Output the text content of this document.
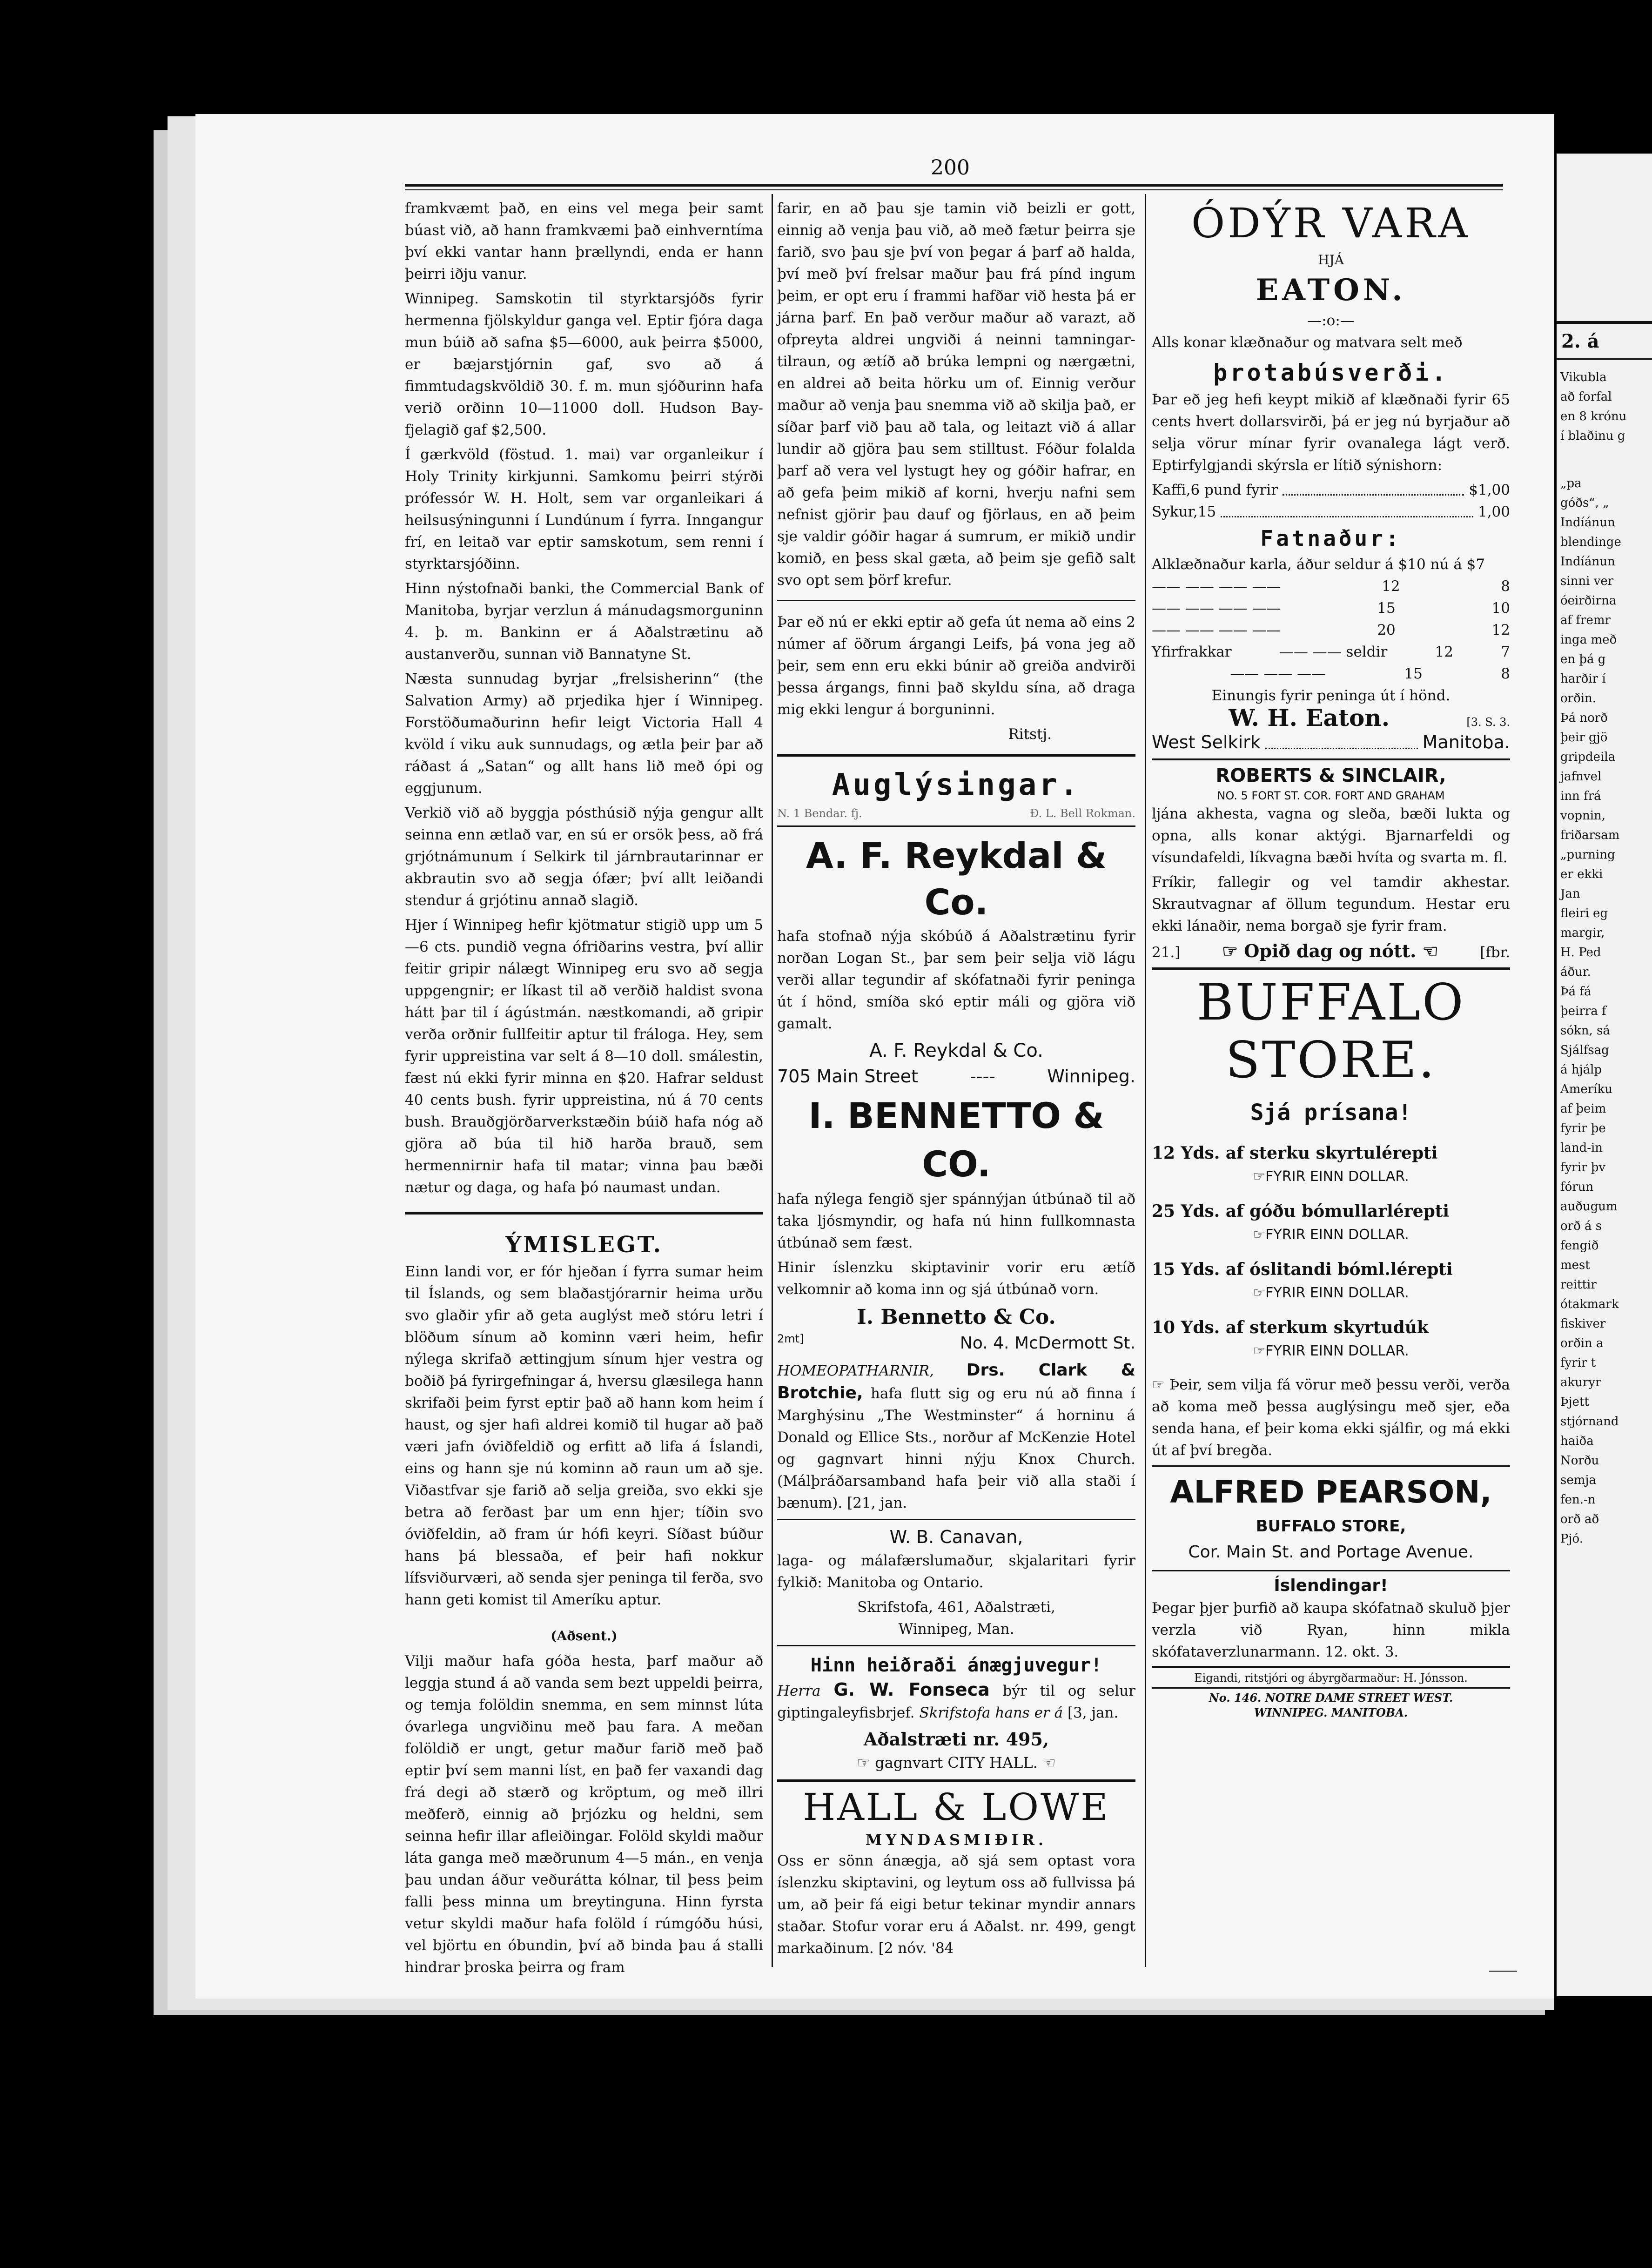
200

framkvæmt það, en eins vel mega þeir samt búast við, að hann framkvæmi það einhverntíma því ekki vantar hann þrællyndi, enda er hann þeirri iðju vanur.

Winnipeg. Samskotin til styrktarsjóðs fyrir hermenna fjölskyldur ganga vel. Eptir fjóra daga mun búið að safna $5—6000, auk þeirra $5000, er bæjarstjórnin gaf, svo að á fimmtudagskvöldið 30. f. m. mun sjóðurinn hafa verið orðinn 10—11000 doll. Hudson Bay-fjelagið gaf $2,500.

Í gærkvöld (föstud. 1. mai) var organleikur í Holy Trinity kirkjunni. Samkomu þeirri stýrði prófessór W. H. Holt, sem var organleikari á heilsusýningunni í Lundúnum í fyrra. Inngangur frí, en leitað var eptir samskotum, sem renni í styrktarsjóðinn.

Hinn nýstofnaði banki, the Commercial Bank of Manitoba, byrjar verzlun á mánudagsmorguninn 4. þ. m. Bankinn er á Aðalstrætinu að austanverðu, sunnan við Bannatyne St.

Næsta sunnudag byrjar „frelsisherinn“ (the Salvation Army) að prjedika hjer í Winnipeg. Forstöðumaðurinn hefir leigt Victoria Hall 4 kvöld í viku auk sunnudags, og ætla þeir þar að ráðast á „Satan“ og allt hans lið með ópi og eggjunum.

Verkið við að byggja pósthúsið nýja gengur allt seinna enn ætlað var, en sú er orsök þess, að frá grjótnámunum í Selkirk til járnbrautarinnar er akbrautin svo að segja ófær; því allt leiðandi stendur á grjótinu annað slagið.

Hjer í Winnipeg hefir kjötmatur stigið upp um 5—6 cts. pundið vegna ófriðarins vestra, því allir feitir gripir nálægt Winnipeg eru svo að segja uppgengnir; er líkast til að verðið haldist svona hátt þar til í ágústmán. næstkomandi, að gripir verða orðnir fullfeitir aptur til fráloga. Hey, sem fyrir uppreistina var selt á 8—10 doll. smálestin, fæst nú ekki fyrir minna en $20. Hafrar seldust 40 cents bush. fyrir uppreistina, nú á 70 cents bush. Brauðgjörðarverkstæðin búið hafa nóg að gjöra að búa til hið harða brauð, sem hermennirnir hafa til matar; vinna þau bæði nætur og daga, og hafa þó naumast undan.

ÝMISLEGT.

Einn landi vor, er fór hjeðan í fyrra sumar heim til Íslands, og sem blaðastjórarnir heima urðu svo glaðir yfir að geta auglýst með stóru letri í blöðum sínum að kominn væri heim, hefir nýlega skrifað ættingjum sínum hjer vestra og boðið þá fyrirgefningar á, hversu glæsilega hann skrifaði þeim fyrst eptir það að hann kom heim í haust, og sjer hafi aldrei komið til hugar að það væri jafn óviðfeldið og erfitt að lifa á Íslandi, eins og hann sje nú kominn að raun um að sje. Viðastfvar sje farið að selja greiða, svo ekki sje betra að ferðast þar um enn hjer; tíðin svo óviðfeldin, að fram úr hófi keyri. Síðast búður hans þá blessaða, ef þeir hafi nokkur lífsviðurværi, að senda sjer peninga til ferða, svo hann geti komist til Ameríku aptur.

(Aðsent.)

Vilji maður hafa góða hesta, þarf maður að leggja stund á að vanda sem bezt uppeldi þeirra, og temja folöldin snemma, en sem minnst lúta óvarlega ungviðinu með þau fara. A meðan folöldið er ungt, getur maður farið með það eptir því sem manni líst, en það fer vaxandi dag frá degi að stærð og kröptum, og með illri meðferð, einnig að þrjózku og heldni, sem seinna hefir illar afleiðingar. Folöld skyldi maður láta ganga með mæðrunum 4—5 mán., en venja þau undan áður veðurátta kólnar, til þess þeim falli þess minna um breytinguna. Hinn fyrsta vetur skyldi maður hafa folöld í rúmgóðu húsi, vel björtu en óbundin, því að binda þau á stalli hindrar þroska þeirra og fram

farir, en að þau sje tamin við beizli er gott, einnig að venja þau við, að með fætur þeirra sje farið, svo þau sje því von þegar á þarf að halda, því með því frelsar maður þau frá pínd ingum þeim, er opt eru í frammi hafðar við hesta þá er járna þarf. En það verður maður að varazt, að ofpreyta aldrei ungviði á neinni tamningar-tilraun, og ætíð að brúka lempni og nærgætni, en aldrei að beita hörku um of. Einnig verður maður að venja þau snemma við að skilja það, er síðar þarf við þau að tala, og leitazt við á allar lundir að gjöra þau sem stilltust. Fóður folalda þarf að vera vel lystugt hey og góðir hafrar, en að gefa þeim mikið af korni, hverju nafni sem nefnist gjörir þau dauf og fjörlaus, en að þeim sje valdir góðir hagar á sumrum, er mikið undir komið, en þess skal gæta, að þeim sje gefið salt svo opt sem þörf krefur.

Þar eð nú er ekki eptir að gefa út nema að eins 2 númer af öðrum árgangi Leifs, þá vona jeg að þeir, sem enn eru ekki búnir að greiða andvirði þessa árgangs, finni það skyldu sína, að draga mig ekki lengur á borguninni.

Ritstj.
Auglýsingar.
N. 1 Bendar. fj.	Ð. L. Bell Rokman.
A. F. Reykdal & Co.

hafa stofnað nýja skóbúð á Aðalstrætinu fyrir norðan Logan St., þar sem þeir selja við lágu verði allar tegundir af skófatnaði fyrir peninga út í hönd, smíða skó eptir máli og gjöra við gamalt.

A. F. Reykdal & Co.
705 Main Street	----	Winnipeg.
I. BENNETTO & CO.

hafa nýlega fengið sjer spánnýjan útbúnað til að taka ljósmyndir, og hafa nú hinn fullkomnasta útbúnað sem fæst.

Hinir íslenzku skiptavinir vorir eru ætíð velkomnir að koma inn og sjá útbúnað vorn.

I. Bennetto & Co.
2mt]	No. 4. McDermott St.

HOMEOPATHARNIR, Drs. Clark & Brotchie, hafa flutt sig og eru nú að finna í Marghýsinu „The Westminster“ á horninu á Donald og Ellice Sts., norður af McKenzie Hotel og gagnvart hinni nýju Knox Church. (Málþráðarsamband hafa þeir við alla staði í bænum). [21, jan.

W. B. Canavan,

laga- og málafærslumaður, skjalaritari fyrir fylkið: Manitoba og Ontario.

Skrifstofa, 461, Aðalstræti,
Winnipeg, Man.
Hinn heiðraði ánægjuvegur!

Herra G. W. Fonseca býr til og selur giptingaleyfisbrjef. Skrifstofa hans er á [3, jan.

Aðalstræti nr. 495,
☞ gagnvart CITY HALL. ☜
HALL & LOWE
MYNDASMIÐIR.

Oss er sönn ánægja, að sjá sem optast vora íslenzku skiptavini, og leytum oss að fullvissa þá um, að þeir fá eigi betur tekinar myndir annars staðar. Stofur vorar eru á Aðalst. nr. 499, gengt markaðinum. [2 nóv. '84

ÓDÝR VARA
HJÁ
EATON.
—:o:—

Alls konar klæðnaður og matvara selt með

þrotabúsverði.

Þar eð jeg hefi keypt mikið af klæðnaði fyrir 65 cents hvert dollarsvirði, þá er jeg nú byrjaður að selja vörur mínar fyrir ovanalega lágt verð. Eptirfylgjandi skýrsla er lítið sýnishorn:

Kaffi, 6 pund fyrir	$1,00
Sykur, 15	1,00
Fatnaður:
Alklæðnaður karla, áður seldur á $10 nú á $7
—— —— —— ——	12	8
—— —— —— ——	15	10
—— —— —— ——	20	12
Yfirfrakkar	—— —— seldir	12	7
—— —— ——	15	8
Einungis fyrir peninga út í hönd.
W. H. Eaton.	[3. S. 3.
West Selkirk	Manitoba.
ROBERTS & SINCLAIR,
NO. 5 FORT ST. COR. FORT AND GRAHAM

ljána akhesta, vagna og sleða, bæði lukta og opna, alls konar aktýgi. Bjarnarfeldi og vísundafeldi, líkvagna bæði hvíta og svarta m. fl.

Fríkir, fallegir og vel tamdir akhestar. Skrautvagnar af öllum tegundum. Hestar eru ekki lánaðir, nema borgað sje fyrir fram.

21.] ☞ Opið dag og nótt. ☜	[fbr.
BUFFALO
STORE.
Sjá prísana!
12 Yds. af sterku skyrtulérepti
☞FYRIR EINN DOLLAR.
25 Yds. af góðu bómullarlérepti
☞FYRIR EINN DOLLAR.
15 Yds. af óslitandi bóml.lérepti
☞FYRIR EINN DOLLAR.
10 Yds. af sterkum skyrtudúk
☞FYRIR EINN DOLLAR.

☞ Þeir, sem vilja fá vörur með þessu verði, verða að koma með þessa auglýsingu með sjer, eða senda hana, ef þeir koma ekki sjálfir, og má ekki út af því bregða.

ALFRED PEARSON,
BUFFALO STORE,
Cor. Main St. and Portage Avenue.
Íslendingar!

Þegar þjer þurfið að kaupa skófatnað skuluð þjer verzla við Ryan, hinn mikla skófataverzlunarmann. 12. okt. 3.

Eigandi, ritstjóri og ábyrgðarmaður: H. Jónsson.
No. 146. NOTRE DAME STREET WEST.
WINNIPEG. MANITOBA.
2. á
Vikubla
að forfal
en 8 krónu
í blaðinu g
„pa
góðs“, „
Indíánun
blendinge
Indíánun
sinni ver
óeirðirna
af fremr
inga með
en þá g
harðir í
orðin.
Þá norð
þeir gjö
gripdeila
jafnvel
inn frá
vopnin,
friðarsam
„purning
er ekki
Jan
fleiri eg
margir,
H. Ped
áður.
Þá fá
þeirra f
sókn, sá
Sjálfsag
á hjálp
Ameríku
af þeim
fyrir þe
land-in
fyrir þv
fórun
auðugum
orð á s
fengið
mest
reittir
ótakmark
fiskiver
orðin a
fyrir t
akuryr
Þjett
stjórnand
haiða
Norðu
semja
fen.-n
orð að
Pjó.
